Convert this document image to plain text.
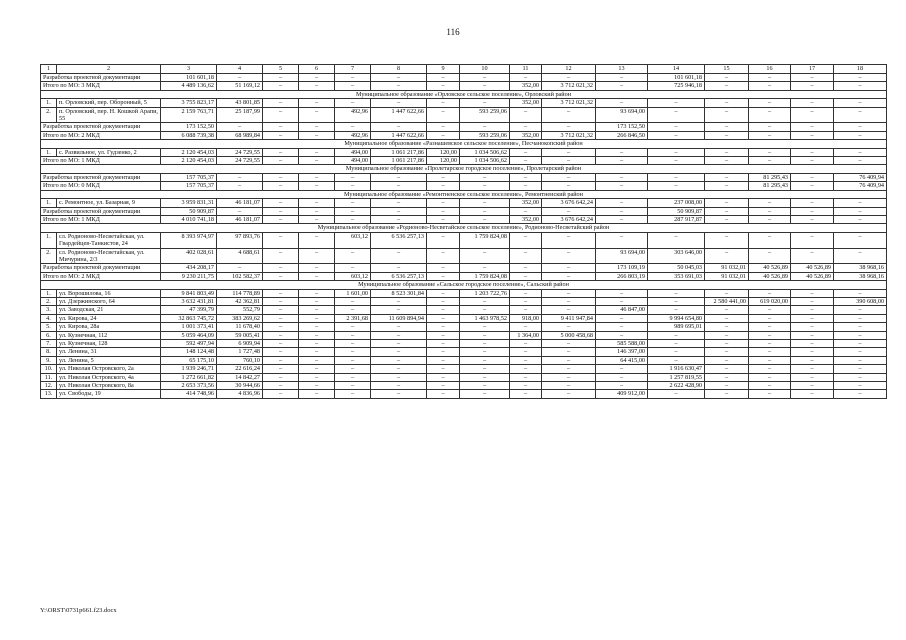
116
1	2	3	4	5	6	7	8	9	10	11	12	13	14	15	16	17	18
Разработка проектной документации		101 601,18	–	–	–	–	–	–	–	–	–	–	101 601,18	–	–	–	–
Итого по МО: 3 МКД		4 489 136,62	51 169,12	–	–	–	–	–	–	352,00	3 712 021,32	–	725 946,18	–	–	–	–
Муниципальное образование «Орловское сельское поселение», Орловский район																	
1.	п. Орловский, пер. Оборонный, 5	3 755 823,17	43 801,85	–	–	–	–	–	–	352,00	3 712 021,32	–	–	–	–	–	–
2.	п. Орловский, пер. Н. Кошкой Арапи, 55	2 159 763,71	25 187,99	–	–	492,96	1 447 622,66	–	593 259,06	–	–	93 694,00	–	–	–	–	–
Разработка проектной документации		173 152,50	–	–	–	–	–	–	–	–	–	173 152,50	–	–	–	–	–
Итого по МО: 2 МКД		6 088 739,38	68 989,84	–	–	492,96	1 447 622,66	–	593 259,06	352,00	3 712 021,32	266 846,50	–	–	–	–	–
Муниципальное образование «Разнашевское сельское поселение», Песчанокопский район																	
1.	с. Развильное, ул. Гудзенко, 2	2 120 454,03	24 729,55	–	–	494,00	1 061 217,86	120,00	1 034 506,62	–	–	–	–	–	–	–	–
Итого по МО: 1 МКД		2 120 454,03	24 729,55	–	–	494,00	1 061 217,86	120,00	1 034 506,62	–	–	–	–	–	–	–	–
Муниципальное образование «Пролетарское городское поселение», Пролетарский район																	
Разработка проектной документации		157 705,37	–	–	–	–	–	–	–	–	–	–	–	–	81 295,43	–	76 409,94
Итого по МО: 0 МКД		157 705,37	–	–	–	–	–	–	–	–	–	–	–	–	81 295,43	–	76 409,94
Муниципальное образование «Ремонтненское сельское поселение», Ремонтненский район																	
1.	с. Ремонтное, ул. Базарная, 9	3 959 831,31	46 181,07	–	–	–	–	–	–	352,00	3 676 642,24	–	237 008,00	–	–	–	–
Разработка проектной документации		50 909,87	–	–	–	–	–	–	–	–	–	–	50 909,87	–	–	–	–
Итого по МО: 1 МКД		4 010 741,18	46 181,07	–	–	–	–	–	–	352,00	3 676 642,24	–	287 917,87	–	–	–	–
Муниципальное образование «Родионово-Несветайское сельское поселение», Родионово-Несветайский район																	
1.	сл. Родионово-Несветайская, ул. Гвардейцев-Танкистов, 24	8 393 974,97	97 893,76	–	–	603,12	6 536 257,13	–	1 759 824,08	–	–	–	–	–	–	–	–
2.	сл. Родионово-Несветайская, ул. Мичурина, 2/3	402 028,61	4 688,61	–	–	–	–	–	–	–	–	93 694,00	303 646,00	–	–	–	–
Разработка проектной документации		434 208,17	–	–	–	–	–	–	–	–	–	173 109,19	50 045,03	91 032,01	40 526,89	40 526,89	38 968,16
Итого по МО: 2 МКД		9 230 211,75	102 582,37	–	–	603,12	6 536 257,13	–	1 759 824,08	–	–	266 803,19	353 691,03	91 032,01	40 526,89	40 526,89	38 968,16
Муниципальное образование «Сальское городское поселение», Сальский район																	
1.	ул. Ворошилова, 16	9 841 803,49	114 778,89	–	–	1 601,00	8 523 301,84	–	1 203 722,76	–	–	–	–	–	–	–	–
2.	ул. Дзержинского, 64	3 632 431,81	42 362,81	–	–	–	–	–	–	–	–	–	–	2 580 441,00	619 020,00	–	390 608,00
3.	ул. Заводская, 21	47 399,79	552,79	–	–	–	–	–	–	–	–	46 847,00	–	–	–	–	–
4.	ул. Кирова, 24	32 863 745,72	383 269,62	–	–	2 391,68	11 609 894,94	–	1 463 978,52	918,00	9 411 947,84	–	9 994 654,80	–	–	–	–
5.	ул. Кирова, 28а	1 001 373,41	11 678,40	–	–	–	–	–	–	–	–	–	989 695,01	–	–	–	–
6.	ул. Кузнечная, 112	5 059 464,09	59 005,41	–	–	–	–	–	–	1 364,00	5 000 458,68	–	–	–	–	–	–
7.	ул. Кузнечная, 128	592 497,94	6 909,94	–	–	–	–	–	–	–	–	585 588,00	–	–	–	–	–
8.	ул. Ленина, 31	148 124,48	1 727,48	–	–	–	–	–	–	–	–	146 397,00	–	–	–	–	–
9.	ул. Ленина, 5	65 175,10	760,10	–	–	–	–	–	–	–	–	64 415,00	–	–	–	–	–
10.	ул. Николая Островского, 2а	1 939 246,71	22 616,24	–	–	–	–	–	–	–	–	–	1 916 630,47	–	–	–	–
11.	ул. Николая Островского, 4а	1 272 661,82	14 842,27	–	–	–	–	–	–	–	–	–	1 257 819,55	–	–	–	–
12.	ул. Николая Островского, 8а	2 653 373,56	30 944,66	–	–	–	–	–	–	–	–	–	2 622 428,90	–	–	–	–
13.	ул. Свободы, 19	414 748,96	4 836,96	–	–	–	–	–	–	–	–	409 912,00	–	–	–	–	–
Y:\ORST\0731p661.f23.docx
